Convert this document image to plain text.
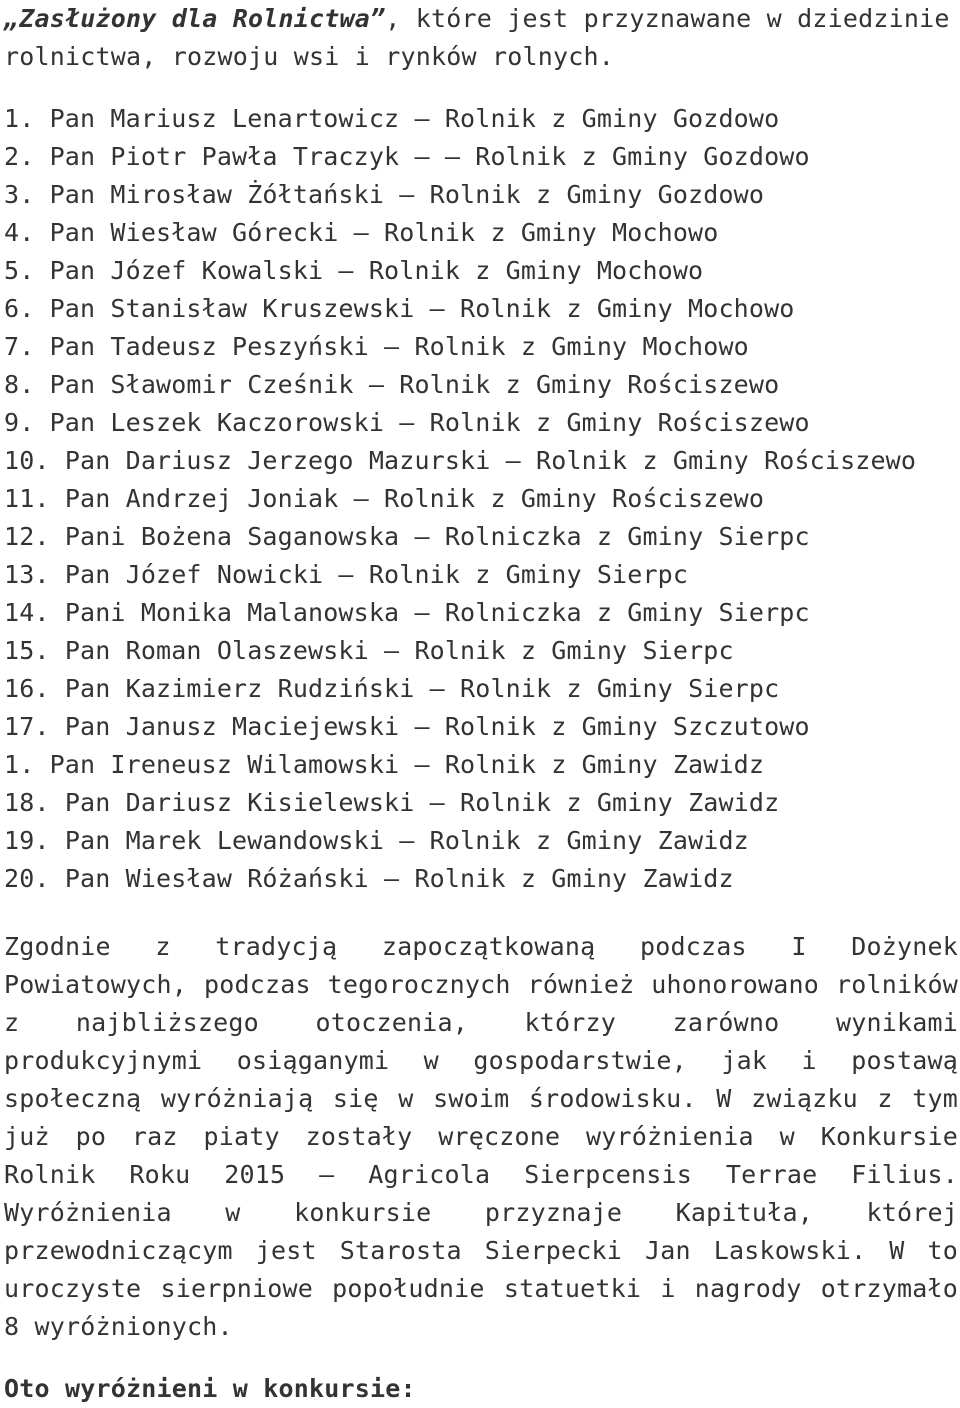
„Zasłużony dla Rolnictwa”, które jest przyznawane w dziedzinie rolnictwa, rozwoju wsi i rynków rolnych.

1. Pan Mariusz Lenartowicz – Rolnik z Gminy Gozdowo
2. Pan Piotr Pawła Traczyk – – Rolnik z Gminy Gozdowo
3. Pan Mirosław Żółtański – Rolnik z Gminy Gozdowo
4. Pan Wiesław Górecki – Rolnik z Gminy Mochowo
5. Pan Józef Kowalski – Rolnik z Gminy Mochowo
6. Pan Stanisław Kruszewski – Rolnik z Gminy Mochowo
7. Pan Tadeusz Peszyński – Rolnik z Gminy Mochowo
8. Pan Sławomir Cześnik – Rolnik z Gminy Rościszewo
9. Pan Leszek Kaczorowski – Rolnik z Gminy Rościszewo
10. Pan Dariusz Jerzego Mazurski – Rolnik z Gminy Rościszewo
11. Pan Andrzej Joniak – Rolnik z Gminy Rościszewo
12. Pani Bożena Saganowska – Rolniczka z Gminy Sierpc
13. Pan Józef Nowicki – Rolnik z Gminy Sierpc
14. Pani Monika Malanowska – Rolniczka z Gminy Sierpc
15. Pan Roman Olaszewski – Rolnik z Gminy Sierpc
16. Pan Kazimierz Rudziński – Rolnik z Gminy Sierpc
17. Pan Janusz Maciejewski – Rolnik z Gminy Szczutowo
1. Pan Ireneusz Wilamowski – Rolnik z Gminy Zawidz
18. Pan Dariusz Kisielewski – Rolnik z Gminy Zawidz
19. Pan Marek Lewandowski – Rolnik z Gminy Zawidz
20. Pan Wiesław Różański – Rolnik z Gminy Zawidz

Zgodnie z tradycją zapoczątkowaną podczas I Dożynek Powiatowych, podczas tegorocznych również uhonorowano rolników z najbliższego otoczenia, którzy zarówno wynikami produkcyjnymi osiąganymi w gospodarstwie, jak i postawą społeczną wyróżniają się w swoim środowisku. W związku z tym już po raz piaty zostały wręczone wyróżnienia w Konkursie Rolnik Roku 2015 – Agricola Sierpcensis Terrae Filius. Wyróżnienia w konkursie przyznaje Kapituła, której przewodniczącym jest Starosta Sierpecki Jan Laskowski. W to uroczyste sierpniowe popołudnie statuetki i nagrody otrzymało 8 wyróżnionych.

Oto wyróżnieni w konkursie:
